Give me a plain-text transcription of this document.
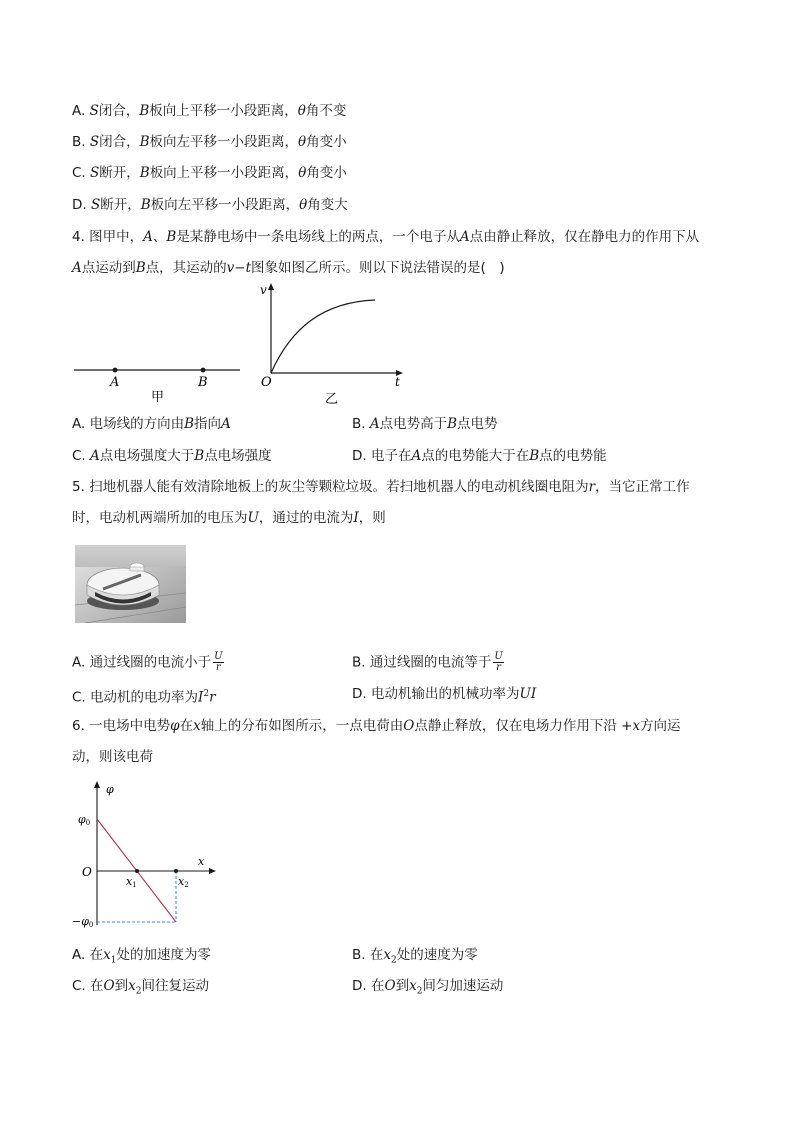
A. S闭合，B板向上平移一小段距离，θ角不变
B. S闭合，B板向左平移一小段距离，θ角变小
C. S断开，B板向上平移一小段距离，θ角变小
D. S断开，B板向左平移一小段距离，θ角变大
4. 图甲中，A、B是某静电场中一条电场线上的两点，一个电子从A点由静止释放，仅在静电力的作用下从
A点运动到B点，其运动的v−t图象如图乙所示。则以下说法错误的是(　)
A	B
甲
v
O	t
乙
A. 电场线的方向由B指向A	B. A点电势高于B点电势
C. A点电场强度大于B点电场强度	D. 电子在A点的电势能大于在B点的电势能
5. 扫地机器人能有效清除地板上的灰尘等颗粒垃圾。若扫地机器人的电动机线圈电阻为r，当它正常工作
时，电动机两端所加的电压为U，通过的电流为I，则
A. 通过线圈的电流小于 $\frac{U}{r}$	B. 通过线圈的电流等于 $\frac{U}{r}$
C. 电动机的电功率为$I^2r$	D. 电动机输出的机械功率为UI
6. 一电场中电势φ在x轴上的分布如图所示，一点电荷由O点静止释放，仅在电场力作用下沿 +x方向运
动，则该电荷
φ
φ0
−φ0
O
x
x1	x2
A. 在$x_1$处的加速度为零	B. 在$x_2$处的速度为零
C. 在O到$x_2$间往复运动	D. 在O到$x_2$间匀加速运动
